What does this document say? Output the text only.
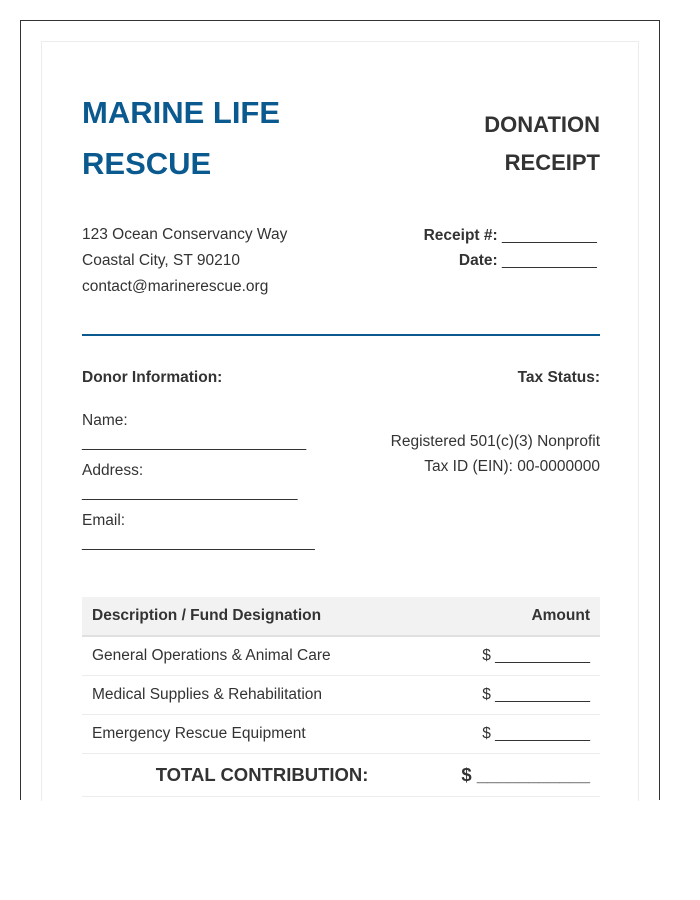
MARINE LIFE RESCUE
DONATION RECEIPT
123 Ocean Conservancy Way
Coastal City, ST 90210
contact@marinerescue.org
Receipt #: ___________
Date: ___________
Donor Information:	Tax Status:
Name:
__________________________
Address:
_________________________
Email:
___________________________
Registered 501(c)(3) Nonprofit
Tax ID (EIN): 00-0000000
Description / Fund Designation	Amount
General Operations & Animal Care	$ ___________
Medical Supplies & Rehabilitation	$ ___________
Emergency Rescue Equipment	$ ___________
TOTAL CONTRIBUTION:	$ ___________
